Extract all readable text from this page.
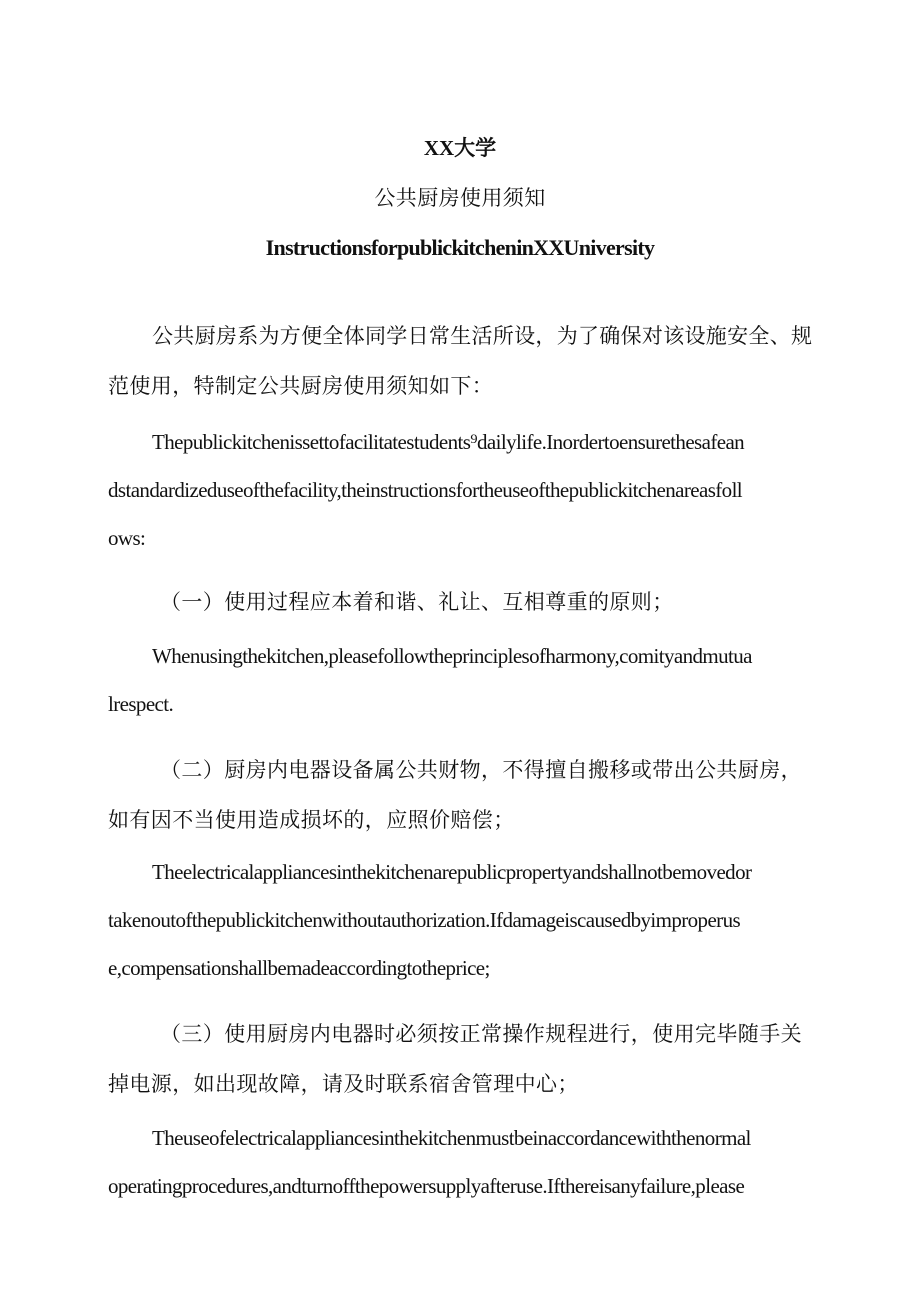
XX大学

公共厨房使用须知

InstructionsforpublickitcheninXXUniversity

公共厨房系为方便全体同学日常生活所设，为了确保对该设施安全、规

范使用，特制定公共厨房使用须知如下：

Thepublickitchenissettofacilitatestudents⁹dailylife.Inordertoensurethesafean

dstandardizeduseofthefacility,theinstructionsfortheuseofthepublickitchenareasfoll

ows:

（一）使用过程应本着和谐、礼让、互相尊重的原则；

Whenusingthekitchen,pleasefollowtheprinciplesofharmony,comityandmutua

lrespect.

（二）厨房内电器设备属公共财物，不得擅自搬移或带出公共厨房，

如有因不当使用造成损坏的，应照价赔偿；

Theelectricalappliancesinthekitchenarepublicpropertyandshallnotbemovedor

takenoutofthepublickitchenwithoutauthorization.Ifdamageiscausedbyimproperus

e,compensationshallbemadeaccordingtotheprice;

（三）使用厨房内电器时必须按正常操作规程进行，使用完毕随手关

掉电源，如出现故障，请及时联系宿舍管理中心；

Theuseofelectricalappliancesinthekitchenmustbeinaccordancewiththenormal

operatingprocedures,andturnoffthepowersupplyafteruse.Ifthereisanyfailure,please
